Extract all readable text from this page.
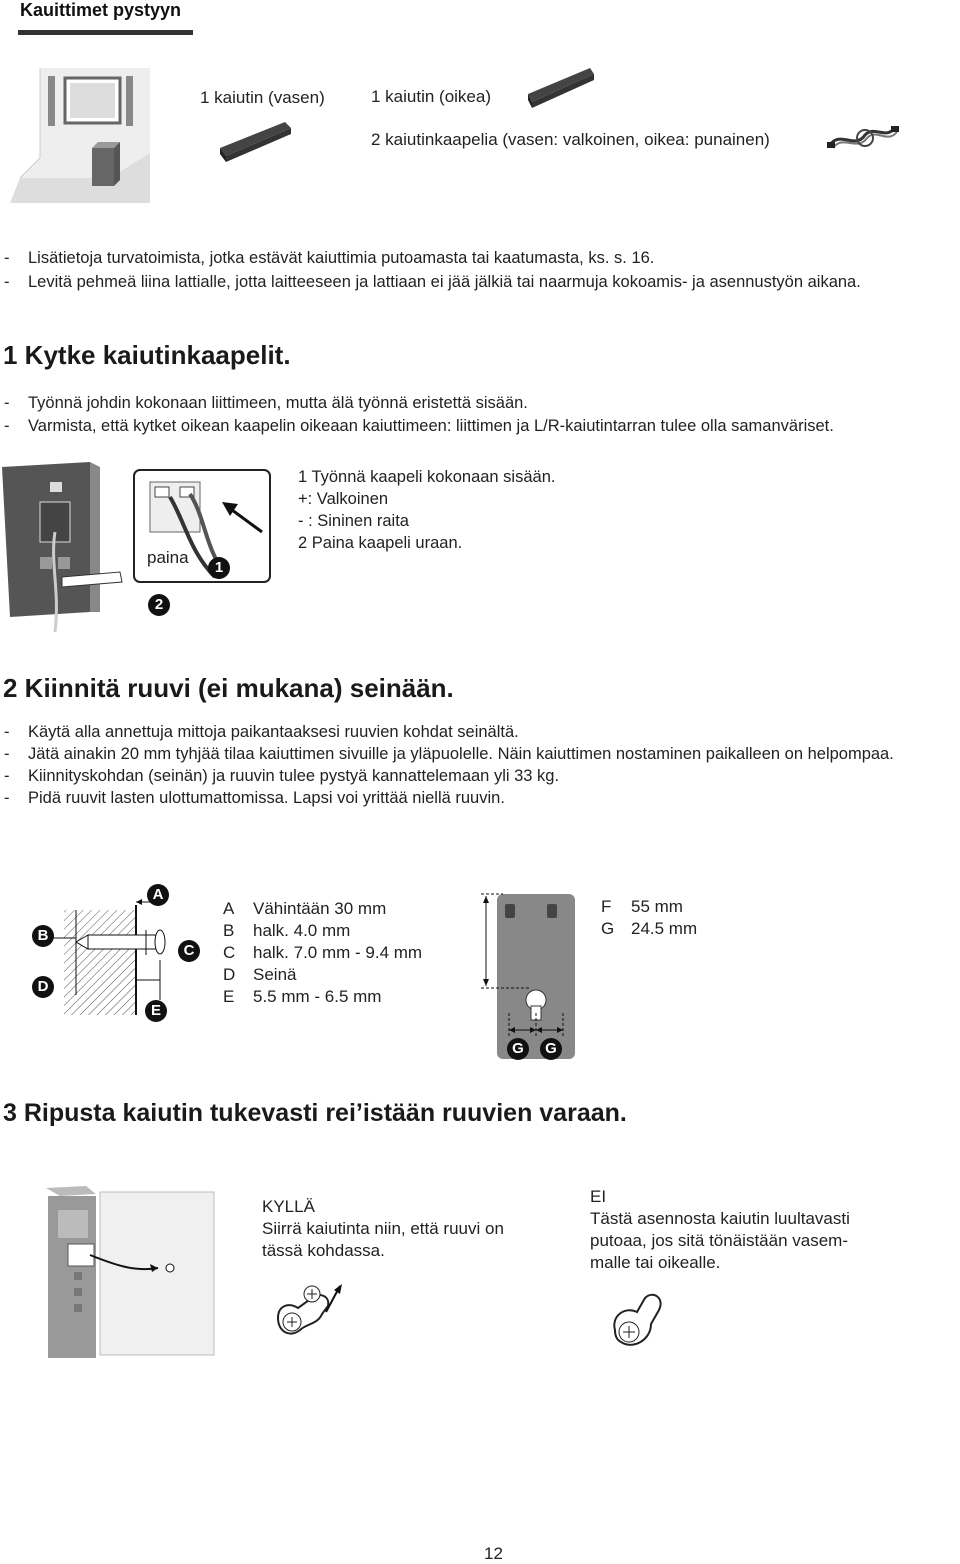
Kauittimet pystyyn
1 kaiutin (vasen)	1 kaiutin (oikea)
2 kaiutinkaapelia (vasen: valkoinen, oikea: punainen)
- Lisätietoja turvatoimista, jotka estävät kaiuttimia putoamasta tai kaatumasta, ks. s. 16.
- Levitä pehmeä liina lattialle, jotta laitteeseen ja lattiaan ei jää jälkiä tai naarmuja kokoamis- ja asennustyön aikana.
1 Kytke kaiutinkaapelit.
- Työnnä johdin kokonaan liittimeen, mutta älä työnnä eristettä sisään.
- Varmista, että kytket oikean kaapelin oikeaan kaiuttimeen: liittimen ja L/R-kaiutintarran tulee olla samanväriset.
paina
1
2
1 Työnnä kaapeli kokonaan sisään.
+: Valkoinen
- : Sininen raita
2 Paina kaapeli uraan.
2 Kiinnitä ruuvi (ei mukana) seinään.
- Käytä alla annettuja mittoja paikantaaksesi ruuvien kohdat seinältä.
- Jätä ainakin 20 mm tyhjää tilaa kaiuttimen sivuille ja yläpuolelle. Näin kaiuttimen nostaminen paikalleen on helpompaa.
- Kiinnityskohdan (seinän) ja ruuvin tulee pystyä kannattelemaan yli 33 kg.
- Pidä ruuvit lasten ulottumattomissa. Lapsi voi yrittää niellä ruuvin.
A
B
C
D
E
A	Vähintään 30 mm
B	halk. 4.0 mm
C	halk. 7.0 mm - 9.4 mm
D	Seinä
E	5.5 mm - 6.5 mm
G	G
F	55 mm
G 24.5 mm
3 Ripusta kaiutin tukevasti rei’istään ruuvien varaan.
KYLLÄ
Siirrä kaiutinta niin, että ruuvi on
tässä kohdassa.
EI
Tästä asennosta kaiutin luultavasti
putoaa, jos sitä tönäistään vasem-
malle tai oikealle.
12
